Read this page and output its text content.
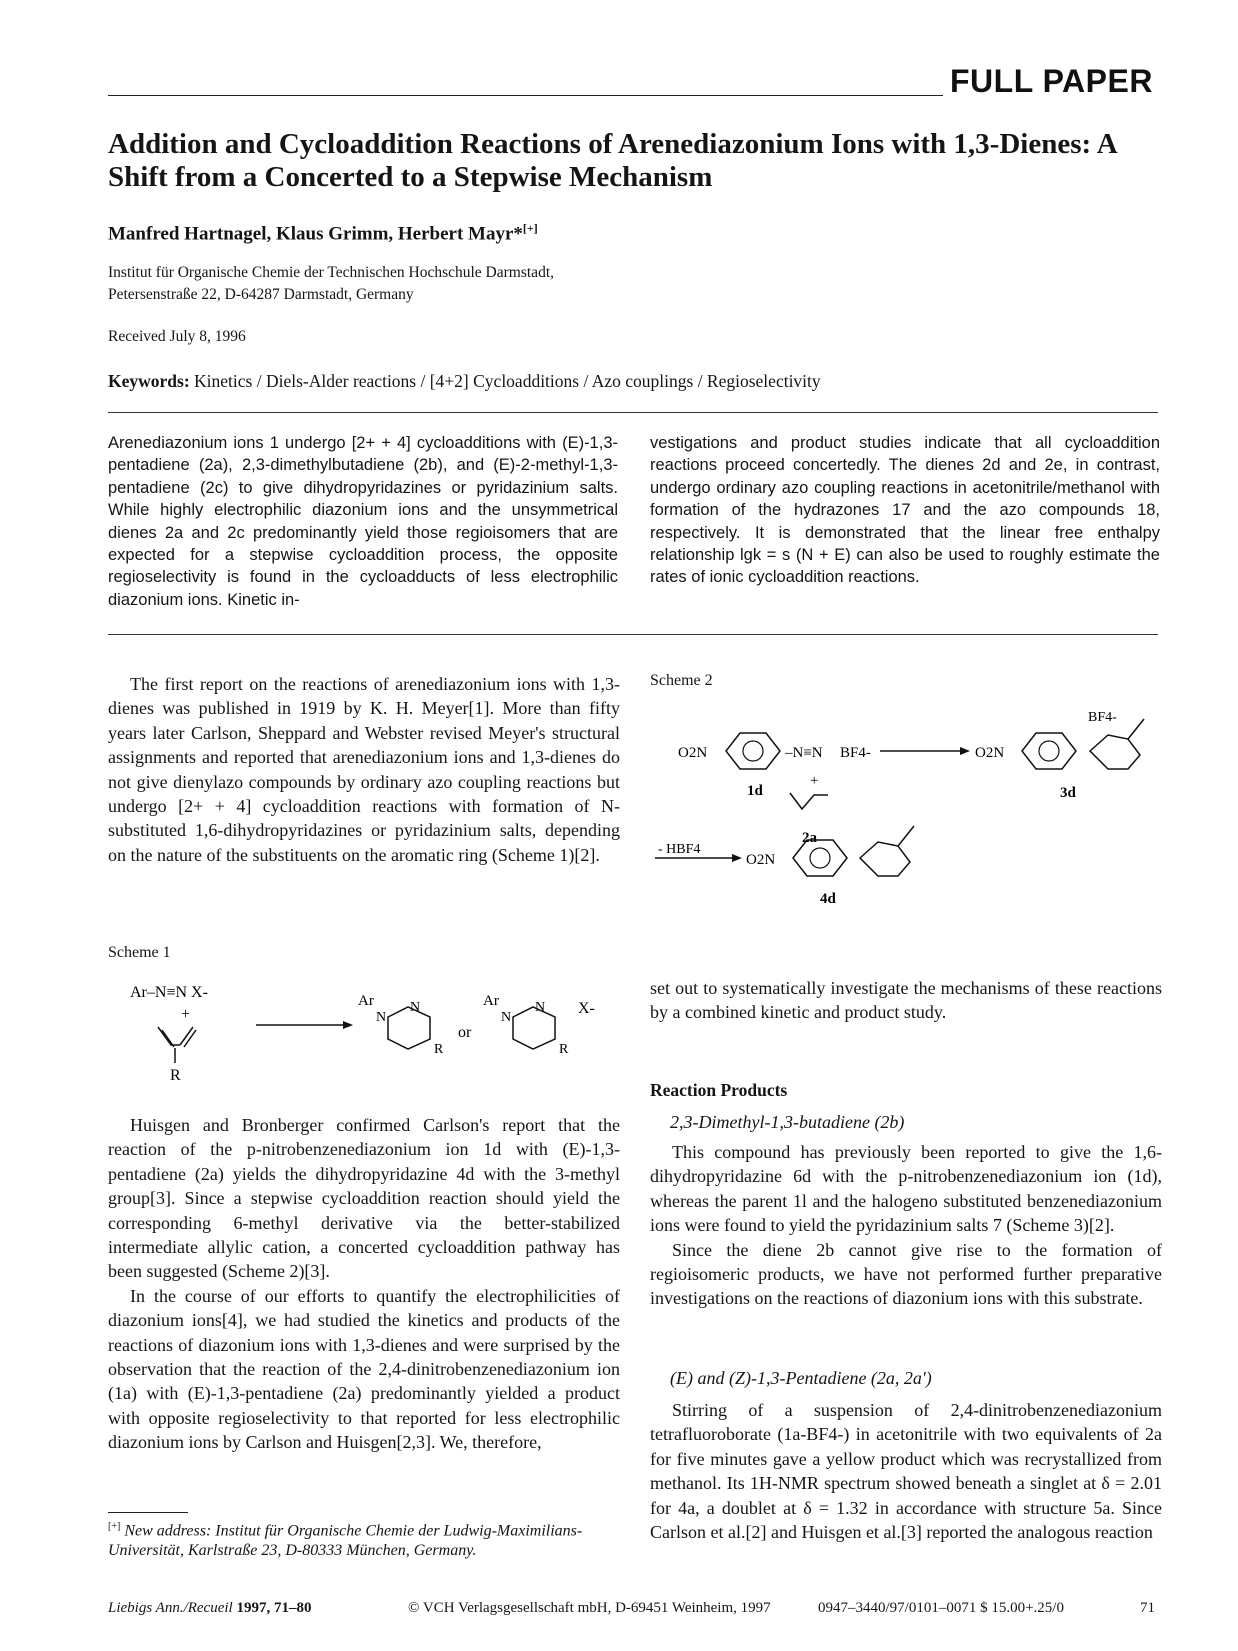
FULL PAPER
Addition and Cycloaddition Reactions of Arenediazonium Ions with 1,3-Dienes: A Shift from a Concerted to a Stepwise Mechanism
Manfred Hartnagel, Klaus Grimm, Herbert Mayr*[+]
Institut für Organische Chemie der Technischen Hochschule Darmstadt,
Petersenstraße 22, D-64287 Darmstadt, Germany
Received July 8, 1996
Keywords: Kinetics / Diels-Alder reactions / [4+2] Cycloadditions / Azo couplings / Regioselectivity
Arenediazonium ions 1 undergo [2+ + 4] cycloadditions with (E)-1,3-pentadiene (2a), 2,3-dimethylbutadiene (2b), and (E)-2-methyl-1,3-pentadiene (2c) to give dihydropyridazines or pyridazinium salts. While highly electrophilic diazonium ions and the unsymmetrical dienes 2a and 2c predominantly yield those regioisomers that are expected for a stepwise cycloaddition process, the opposite regioselectivity is found in the cycloadducts of less electrophilic diazonium ions. Kinetic in-
vestigations and product studies indicate that all cycloaddition reactions proceed concertedly. The dienes 2d and 2e, in contrast, undergo ordinary azo coupling reactions in acetonitrile/methanol with formation of the hydrazones 17 and the azo compounds 18, respectively. It is demonstrated that the linear free enthalpy relationship lgk = s (N + E) can also be used to roughly estimate the rates of ionic cycloaddition reactions.

The first report on the reactions of arenediazonium ions with 1,3-dienes was published in 1919 by K. H. Meyer[1]. More than fifty years later Carlson, Sheppard and Webster revised Meyer's structural assignments and reported that arenediazonium ions and 1,3-dienes do not give dienylazo compounds by ordinary azo coupling reactions but undergo [2+ + 4] cycloaddition reactions with formation of N-substituted 1,6-dihydropyridazines or pyridazinium salts, depending on the nature of the substituents on the aromatic ring (Scheme 1)[2].

Scheme 1
Ar–N≡N X-
+
R
Ar
N
N
R
or
Ar
N
N
R
X-

Huisgen and Bronberger confirmed Carlson's report that the reaction of the p-nitrobenzenediazonium ion 1d with (E)-1,3-pentadiene (2a) yields the dihydropyridazine 4d with the 3-methyl group[3]. Since a stepwise cycloaddition reaction should yield the corresponding 6-methyl derivative via the better-stabilized intermediate allylic cation, a concerted cycloaddition pathway has been suggested (Scheme 2)[3].

In the course of our efforts to quantify the electrophilicities of diazonium ions[4], we had studied the kinetics and products of the reactions of diazonium ions with 1,3-dienes and were surprised by the observation that the reaction of the 2,4-dinitrobenzenediazonium ion (1a) with (E)-1,3-pentadiene (2a) predominantly yielded a product with opposite regioselectivity to that reported for less electrophilic diazonium ions by Carlson and Huisgen[2,3]. We, therefore,

[+] New address: Institut für Organische Chemie der Ludwig-Maximilians-Universität, Karlstraße 23, D-80333 München, Germany.
Scheme 2
O2N	–N≡N BF4-
1d
+
2a
O2N
BF4-
3d
- HBF4
O2N
4d

set out to systematically investigate the mechanisms of these reactions by a combined kinetic and product study.

Reaction Products
2,3-Dimethyl-1,3-butadiene (2b)

This compound has previously been reported to give the 1,6-dihydropyridazine 6d with the p-nitrobenzenediazonium ion (1d), whereas the parent 1l and the halogeno substituted benzenediazonium ions were found to yield the pyridazinium salts 7 (Scheme 3)[2].

Since the diene 2b cannot give rise to the formation of regioisomeric products, we have not performed further preparative investigations on the reactions of diazonium ions with this substrate.

(E) and (Z)-1,3-Pentadiene (2a, 2a')

Stirring of a suspension of 2,4-dinitrobenzenediazonium tetrafluoroborate (1a-BF4-) in acetonitrile with two equivalents of 2a for five minutes gave a yellow product which was recrystallized from methanol. Its 1H-NMR spectrum showed beneath a singlet at δ = 2.01 for 4a, a doublet at δ = 1.32 in accordance with structure 5a. Since Carlson et al.[2] and Huisgen et al.[3] reported the analogous reaction

Liebigs Ann./Recueil 1997, 71–80	© VCH Verlagsgesellschaft mbH, D-69451 Weinheim, 1997	0947–3440/97/0101–0071 $ 15.00+.25/0	71
